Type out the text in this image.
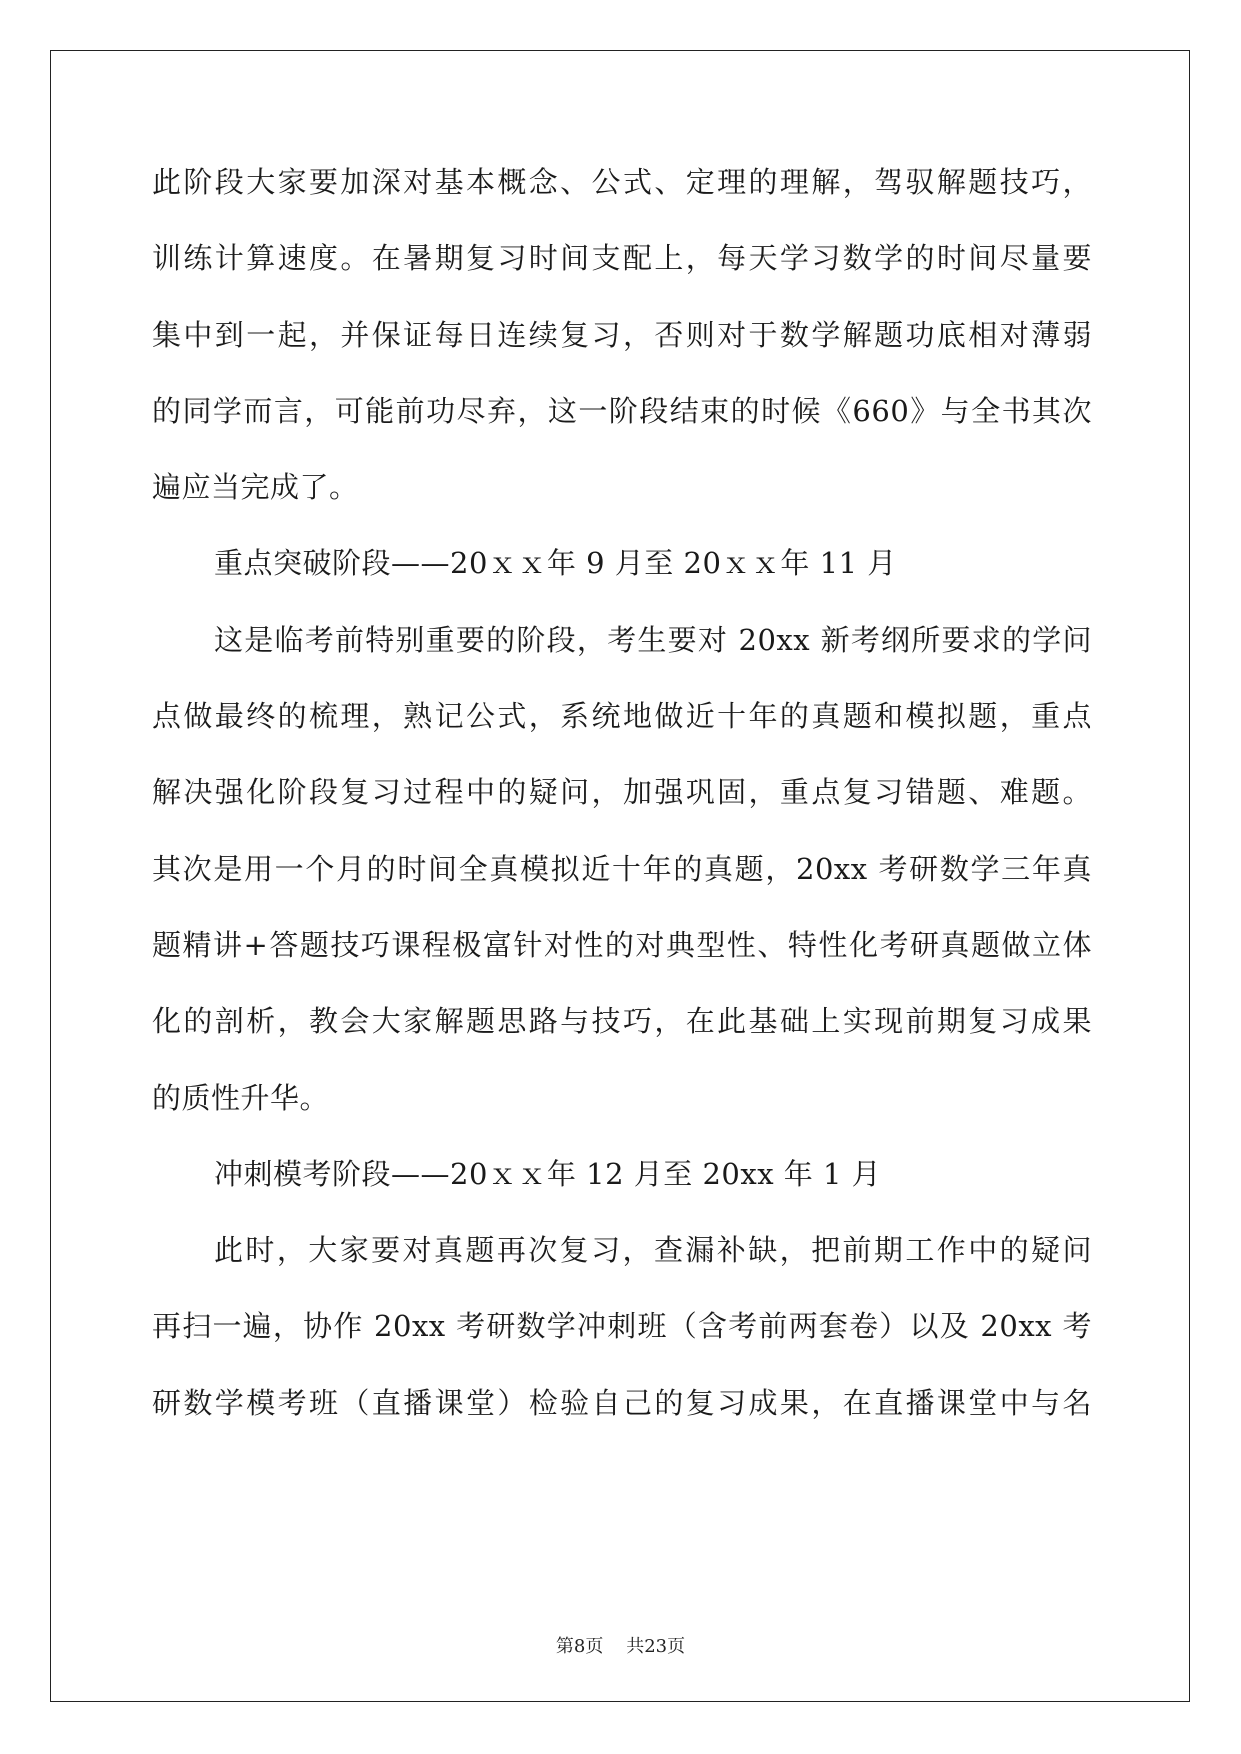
此阶段大家要加深对基本概念、公式、定理的理解，驾驭解题技巧，
训练计算速度。在暑期复习时间支配上，每天学习数学的时间尽量要
集中到一起，并保证每日连续复习，否则对于数学解题功底相对薄弱
的同学而言，可能前功尽弃，这一阶段结束的时候《660》与全书其次
遍应当完成了。
重点突破阶段——20ｘｘ年 9 月至 20ｘｘ年 11 月
这是临考前特别重要的阶段，考生要对 20xx 新考纲所要求的学问
点做最终的梳理，熟记公式，系统地做近十年的真题和模拟题，重点
解决强化阶段复习过程中的疑问，加强巩固，重点复习错题、难题。
其次是用一个月的时间全真模拟近十年的真题，20xx 考研数学三年真
题精讲+答题技巧课程极富针对性的对典型性、特性化考研真题做立体
化的剖析，教会大家解题思路与技巧，在此基础上实现前期复习成果
的质性升华。
冲刺模考阶段——20ｘｘ年 12 月至 20xx 年 1 月
此时，大家要对真题再次复习，查漏补缺，把前期工作中的疑问
再扫一遍，协作 20xx 考研数学冲刺班（含考前两套卷）以及 20xx 考
研数学模考班（直播课堂）检验自己的复习成果，在直播课堂中与名
第8页 共23页
